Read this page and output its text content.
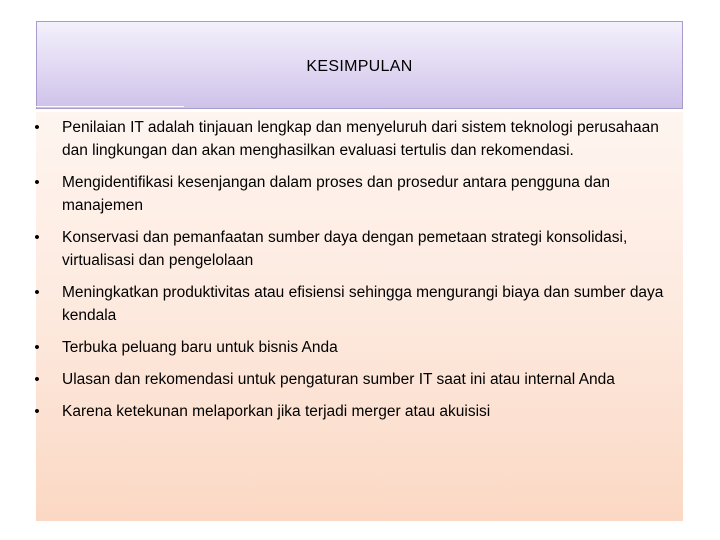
KESIMPULAN
• Penilaian IT adalah tinjauan lengkap dan menyeluruh dari sistem teknologi perusahaan dan lingkungan dan akan menghasilkan evaluasi tertulis dan rekomendasi.
• Mengidentifikasi kesenjangan dalam proses dan prosedur antara pengguna dan manajemen
• Konservasi dan pemanfaatan sumber daya dengan pemetaan strategi konsolidasi, virtualisasi dan pengelolaan
• Meningkatkan produktivitas atau efisiensi sehingga mengurangi biaya dan sumber daya kendala
• Terbuka peluang baru untuk bisnis Anda
• Ulasan dan rekomendasi untuk pengaturan sumber IT saat ini atau internal Anda
• Karena ketekunan melaporkan jika terjadi merger atau akuisisi
